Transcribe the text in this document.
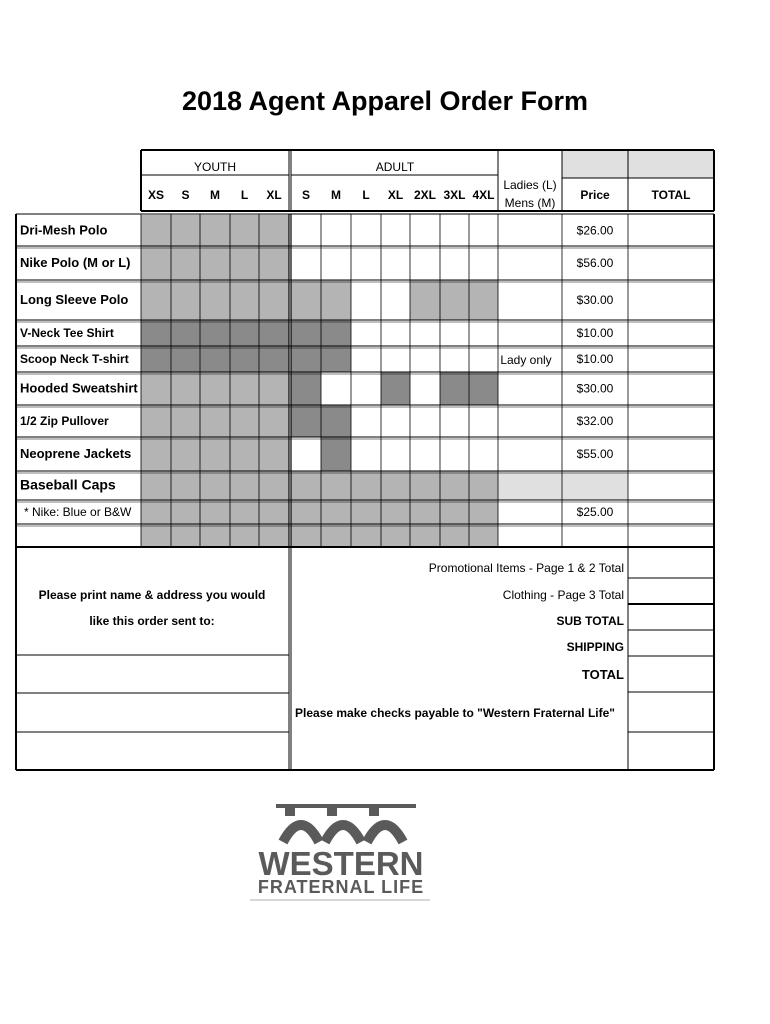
2018 Agent Apparel Order Form
YOUTH	ADULT
XS S M L XL S M L XL 2XL 3XL 4XL
Ladies (L)
Mens (M)
Price	TOTAL
Dri-Mesh Polo	$26.00
Nike Polo (M or L)	$56.00
Long Sleeve Polo	$30.00
V-Neck Tee Shirt	$10.00
Scoop Neck T-shirt	Lady only $10.00
Hooded Sweatshirt	$30.00
1/2 Zip Pullover	$32.00
Neoprene Jackets	$55.00
Baseball Caps
* Nike: Blue or B&W	$25.00
Please print name & address you would
like this order sent to:
Promotional Items - Page 1 & 2 Total
Clothing - Page 3 Total
SUB TOTAL
SHIPPING
TOTAL
Please make checks payable to "Western Fraternal Life"
WESTERN
FRATERNAL LIFE
